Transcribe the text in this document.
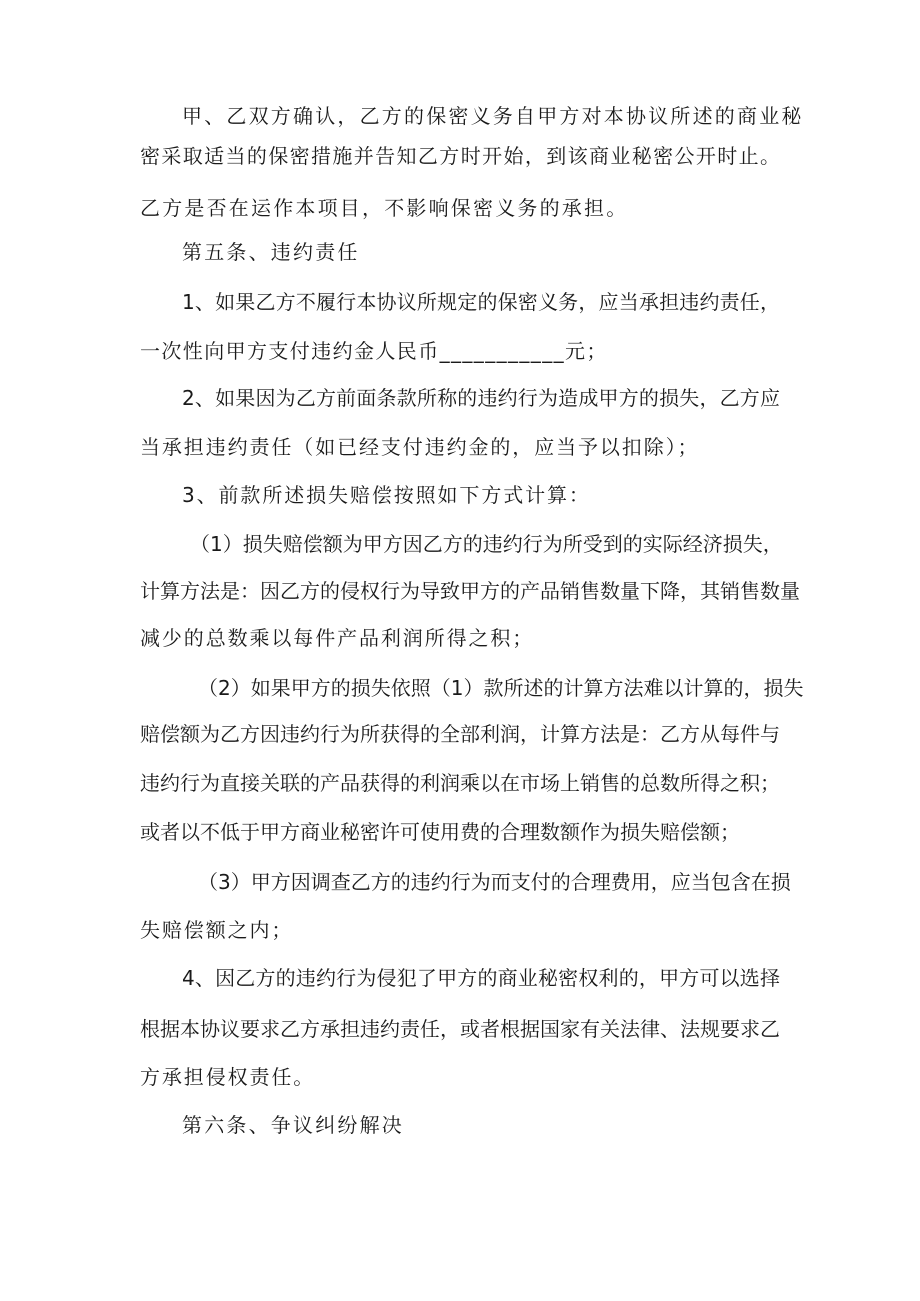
甲、乙双方确认，乙方的保密义务自甲方对本协议所述的商业秘
密采取适当的保密措施并告知乙方时开始，到该商业秘密公开时止。
乙方是否在运作本项目，不影响保密义务的承担。
第五条、违约责任
1、如果乙方不履行本协议所规定的保密义务，应当承担违约责任，
一次性向甲方支付违约金人民币___________元；
2、如果因为乙方前面条款所称的违约行为造成甲方的损失，乙方应
当承担违约责任（如已经支付违约金的，应当予以扣除）；
3、前款所述损失赔偿按照如下方式计算：
（1）损失赔偿额为甲方因乙方的违约行为所受到的实际经济损失，
计算方法是：因乙方的侵权行为导致甲方的产品销售数量下降，其销售数量
减少的总数乘以每件产品利润所得之积；
（2）如果甲方的损失依照（1）款所述的计算方法难以计算的，损失
赔偿额为乙方因违约行为所获得的全部利润，计算方法是：乙方从每件与
违约行为直接关联的产品获得的利润乘以在市场上销售的总数所得之积；
或者以不低于甲方商业秘密许可使用费的合理数额作为损失赔偿额；
（3）甲方因调查乙方的违约行为而支付的合理费用，应当包含在损
失赔偿额之内；
4、因乙方的违约行为侵犯了甲方的商业秘密权利的，甲方可以选择
根据本协议要求乙方承担违约责任，或者根据国家有关法律、法规要求乙
方承担侵权责任。
第六条、争议纠纷解决
